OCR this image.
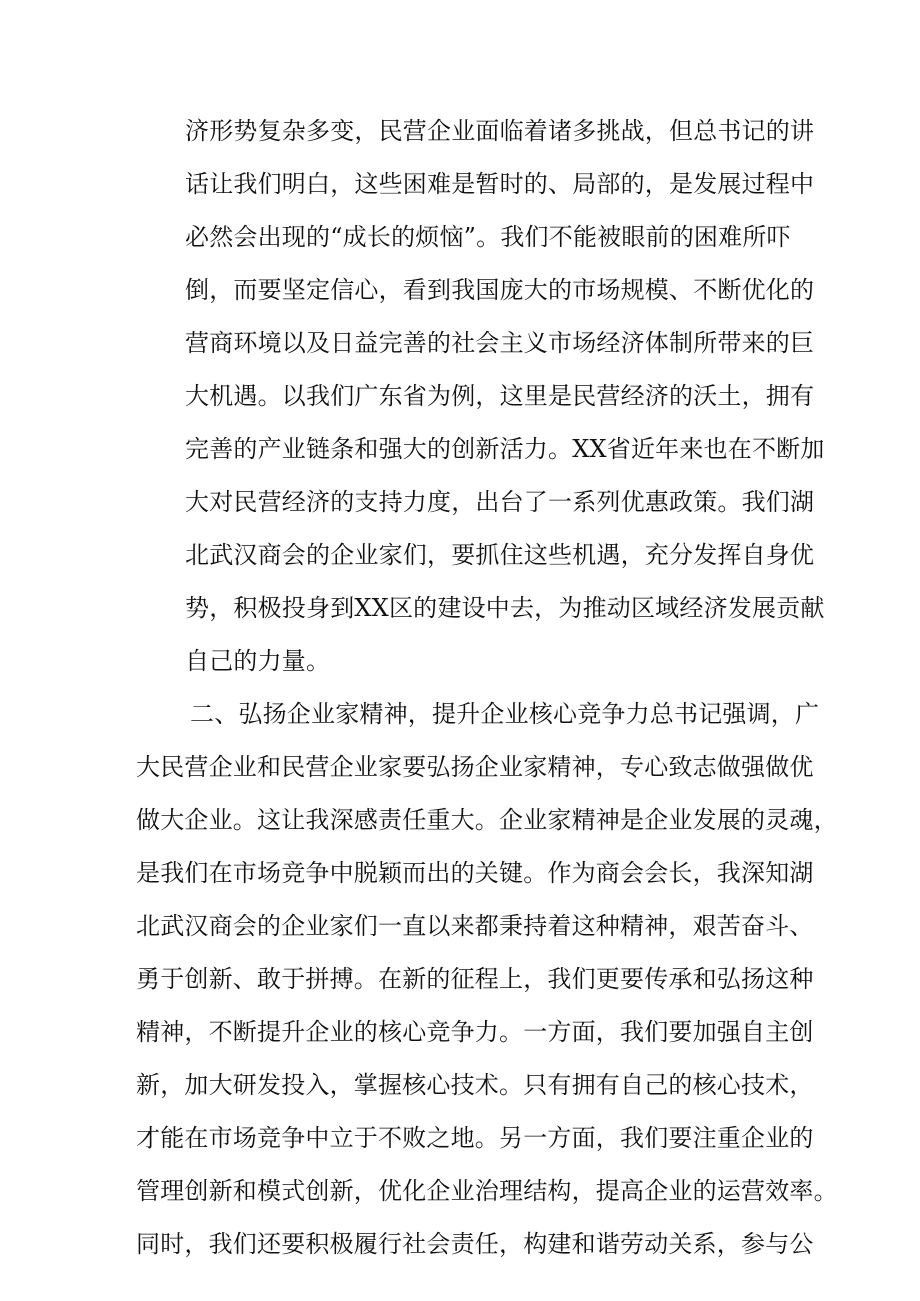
济形势复杂多变，民营企业面临着诸多挑战，但总书记的讲
话让我们明白，这些困难是暂时的、局部的，是发展过程中
必然会出现的“成长的烦恼”。我们不能被眼前的困难所吓
倒，而要坚定信心，看到我国庞大的市场规模、不断优化的
营商环境以及日益完善的社会主义市场经济体制所带来的巨
大机遇。以我们广东省为例，这里是民营经济的沃土，拥有
完善的产业链条和强大的创新活力。XX省近年来也在不断加
大对民营经济的支持力度，出台了一系列优惠政策。我们湖
北武汉商会的企业家们，要抓住这些机遇，充分发挥自身优
势，积极投身到XX区的建设中去，为推动区域经济发展贡献
自己的力量。
二、弘扬企业家精神，提升企业核心竞争力总书记强调，广
大民营企业和民营企业家要弘扬企业家精神，专心致志做强做优
做大企业。这让我深感责任重大。企业家精神是企业发展的灵魂，
是我们在市场竞争中脱颖而出的关键。作为商会会长，我深知湖
北武汉商会的企业家们一直以来都秉持着这种精神，艰苦奋斗、
勇于创新、敢于拼搏。在新的征程上，我们更要传承和弘扬这种
精神，不断提升企业的核心竞争力。一方面，我们要加强自主创
新，加大研发投入，掌握核心技术。只有拥有自己的核心技术，
才能在市场竞争中立于不败之地。另一方面，我们要注重企业的
管理创新和模式创新，优化企业治理结构，提高企业的运营效率。
同时，我们还要积极履行社会责任，构建和谐劳动关系，参与公
